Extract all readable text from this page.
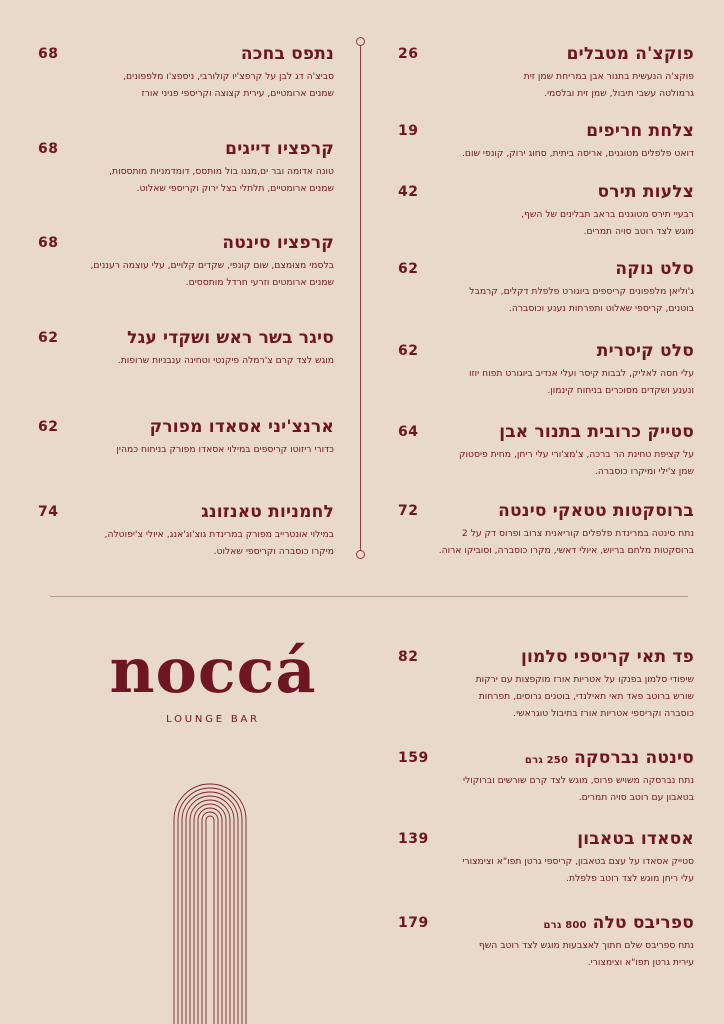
פוקצ'ה מטבלים
26
פוקצ'ה הנעשית בתנור אבן במריחת שמן זית
גרמולטה עשבי תיבול, שמן זית ובלסמי.
צלחת חריפים
19
דואט פלפלים מטוגנים, אריסה ביתית, סחוג ירוק, קונפי שום.
צלעות תירס
42
רבעיי תירס מטוגנים בראב תבלינים של השף,
מוגש לצד רוטב סויה תמרים.
סלט נוקה
62
ג'וליאן מלפפונים קריספים ביוגורט פלפלת דקלים, קרמבל
בוטנים, קריספי שאלוט ותפרחות נענע וכוסברה.
סלט קיסרית
62
עלי חסה לאליק, לבבות קיסר ועלי אנדיב ביוגורט תפוח יוזו
ונענע ושקדים מסוכרים בניחוח קינמון.
סטייק כרובית בתנור אבן
64
על קציפת טחינת הר ברכה, צ'מצ'ורי עלי ריחן, מחית פיסטוק
שמן צ'ילי ומיקרו כוסברה.
ברוסקטות טטאקי סינטה
72
נתח סינטה במרינדת פלפלים קוריאנית צרוב ופרוס דק על 2
ברוסקטות מלחם בריוש, איולי דאשי, מקרו כוסברה, וסוביקו ארוה.
נתפס בחכה
68
סביצ'ה דג לבן על קרפצ'יו קולורבי, ניספצ'ו מלפפונים,
שמנים ארומטיים, עירית קצוצה וקריספי פניני אורז
קרפציו דייגים
68
טונה אדומה ובר ים,מנגו בול מותסס, דומדמניות מותססות,
שמנים ארומטיים, תלתלי בצל ירוק וקריספי שאלוט.
קרפציו סינטה
68
בלסמי מצומצם, שום קונפי, שקדים קלויים, עלי עוצמה רעננים,
שמנים ארומטים וזרעי חרדל מותססים.
סיגר בשר ראש ושקדי עגל
62
מוגש לצד קרם צ'רמלה פיקנטי וטחינה ענבניות שרופות.
ארנצ'יני אסאדו מפורק
62
כדורי ריזוטו קריספים במילוי אסאדו מפורק בניחוח כמהין
לחמניות טאנזונג
74
במילוי אונטרייב מפורק במרינדת גוצ'וג'אנג, איולי צ'יפוטלה,
מיקרו כוסברה וקריספי שאלוט.
פד תאי קריספי סלמון
82
שיפודי סלמון בפנקו על אטריות אורז מוקפצות עם ירקות
שורש ברוטב פאד תאי תאילנדי, בוטנים גרוסים, תפרחות
כוסברה וקריספי אטריות אורז בתיבול טוגראשי.
סינטה נברסקה250 גרם
159
נתח נברסקה משויש פרוס, מוגש לצד קרם שורשים וברוקולי
בטאבון עם רוטב סויה תמרים.
אסאדו בטאבון
139
סטייק אסאדו על עצם בטאבון, קריספי גרטן תפו"א וצימצורי
עלי ריחן מוגש לצד רוטב פלפלת.
ספריבס טלה800 גרם
179
נתח ספריבס שלם חתוך לאצבעות מוגש לצד רוטב השף
עירית גרטן תפו"א וצימצורי.
noccá
LOUNGE BAR
